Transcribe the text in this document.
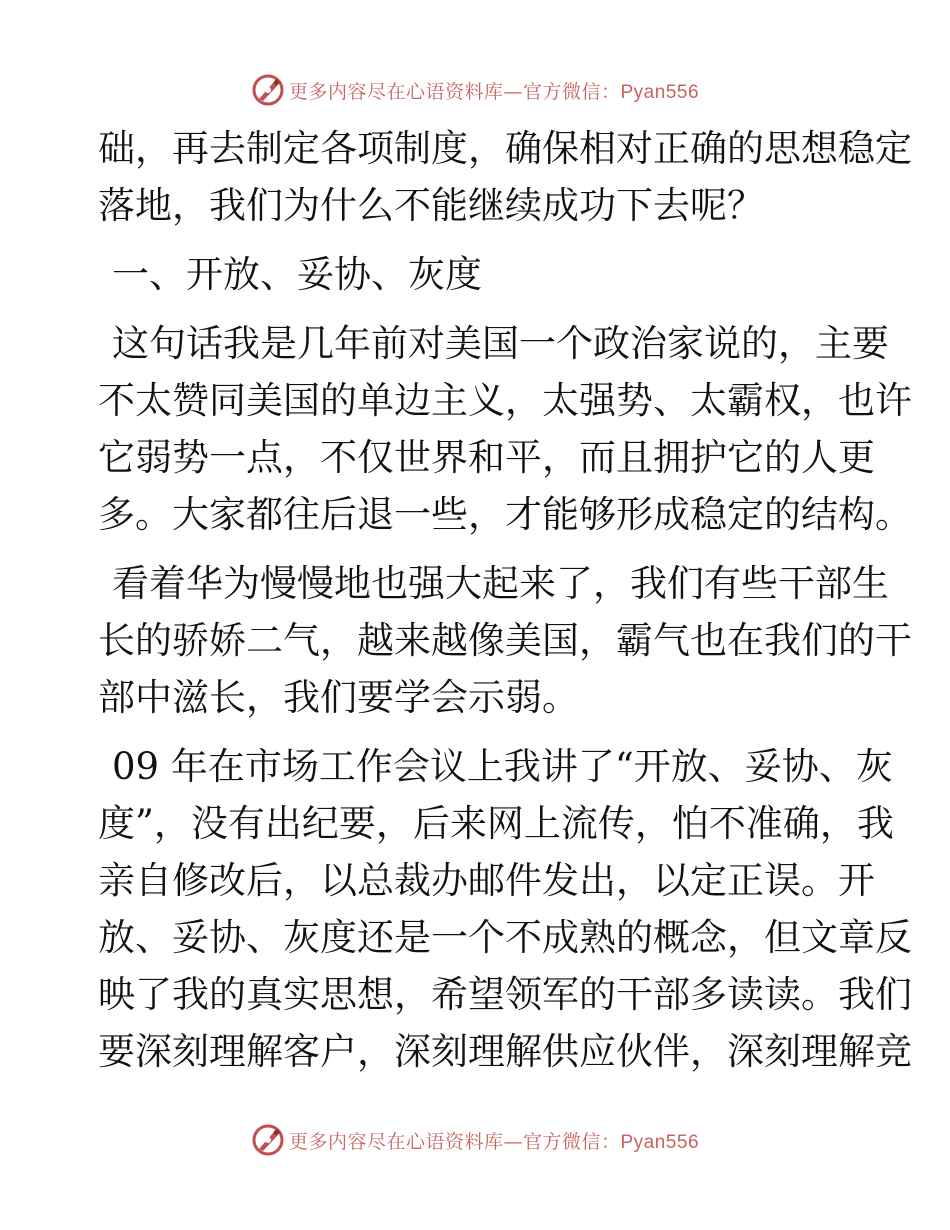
更多内容尽在心语资料库—官方微信：Pyan556

础，再去制定各项制度，确保相对正确的思想稳定
落地，我们为什么不能继续成功下去呢？

一、开放、妥协、灰度

这句话我是几年前对美国一个政治家说的，主要
不太赞同美国的单边主义，太强势、太霸权，也许
它弱势一点，不仅世界和平，而且拥护它的人更
多。大家都往后退一些，才能够形成稳定的结构。

看着华为慢慢地也强大起来了，我们有些干部生
长的骄娇二气，越来越像美国，霸气也在我们的干
部中滋长，我们要学会示弱。

09 年在市场工作会议上我讲了“开放、妥协、灰
度”，没有出纪要，后来网上流传，怕不准确，我
亲自修改后，以总裁办邮件发出，以定正误。开
放、妥协、灰度还是一个不成熟的概念，但文章反
映了我的真实思想，希望领军的干部多读读。我们
要深刻理解客户，深刻理解供应伙伴，深刻理解竞

更多内容尽在心语资料库—官方微信：Pyan556
